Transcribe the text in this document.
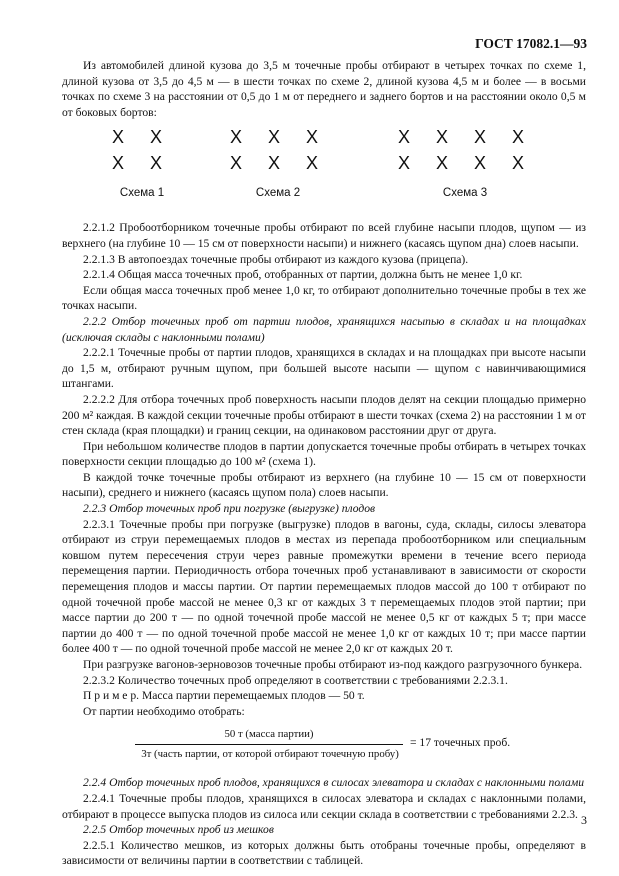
ГОСТ 17082.1—93

Из автомобилей длиной кузова до 3,5 м точечные пробы отбирают в четырех точках по схеме 1, длиной кузова от 3,5 до 4,5 м — в шести точках по схеме 2, длиной кузова 4,5 м и более — в восьми точках по схеме 3 на расстоянии от 0,5 до 1 м от переднего и заднего бортов и на расстоянии около 0,5 м от боковых бортов:

X	X
X	X
Схема 1
X	X	X
X	X	X
Схема 2
X	X	X	X
X	X	X	X
Схема 3

2.2.1.2 Пробоотборником точечные пробы отбирают по всей глубине насыпи плодов, щупом — из верхнего (на глубине 10 — 15 см от поверхности насыпи) и нижнего (касаясь щупом дна) слоев насыпи.

2.2.1.3 В автопоездах точечные пробы отбирают из каждого кузова (прицепа).

2.2.1.4 Общая масса точечных проб, отобранных от партии, должна быть не менее 1,0 кг.

Если общая масса точечных проб менее 1,0 кг, то отбирают дополнительно точечные пробы в тех же точках насыпи.

2.2.2 Отбор точечных проб от партии плодов, хранящихся насыпью в складах и на площадках (исключая склады с наклонными полами)

2.2.2.1 Точечные пробы от партии плодов, хранящихся в складах и на площадках при высоте насыпи до 1,5 м, отбирают ручным щупом, при большей высоте насыпи — щупом с навинчивающимися штангами.

2.2.2.2 Для отбора точечных проб поверхность насыпи плодов делят на секции площадью примерно 200 м² каждая. В каждой секции точечные пробы отбирают в шести точках (схема 2) на расстоянии 1 м от стен склада (края площадки) и границ секции, на одинаковом расстоянии друг от друга.

При небольшом количестве плодов в партии допускается точечные пробы отбирать в четырех точках поверхности секции площадью до 100 м² (схема 1).

В каждой точке точечные пробы отбирают из верхнего (на глубине 10 — 15 см от поверхности насыпи), среднего и нижнего (касаясь щупом пола) слоев насыпи.

2.2.3 Отбор точечных проб при погрузке (выгрузке) плодов

2.2.3.1 Точечные пробы при погрузке (выгрузке) плодов в вагоны, суда, склады, силосы элеватора отбирают из струи перемещаемых плодов в местах из перепада пробоотборником или специальным ковшом путем пересечения струи через равные промежутки времени в течение всего периода перемещения партии. Периодичность отбора точечных проб устанавливают в зависимости от скорости перемещения плодов и массы партии. От партии перемещаемых плодов массой до 100 т отбирают по одной точечной пробе массой не менее 0,3 кг от каждых 3 т перемещаемых плодов этой партии; при массе партии до 200 т — по одной точечной пробе массой не менее 0,5 кг от каждых 5 т; при массе партии до 400 т — по одной точечной пробе массой не менее 1,0 кг от каждых 10 т; при массе партии более 400 т — по одной точечной пробе массой не менее 2,0 кг от каждых 20 т.

При разгрузке вагонов-зерновозов точечные пробы отбирают из-под каждого разгрузочного бункера.

2.2.3.2 Количество точечных проб определяют в соответствии с требованиями 2.2.3.1.

П р и м е р. Масса партии перемещаемых плодов — 50 т.

От партии необходимо отобрать:

50 т (масса партии)
3т (часть партии, от которой отбирают точечную пробу)
= 17 точечных проб.

2.2.4 Отбор точечных проб плодов, хранящихся в силосах элеватора и складах с наклонными полами

2.2.4.1 Точечные пробы плодов, хранящихся в силосах элеватора и складах с наклонными полами, отбирают в процессе выпуска плодов из силоса или секции склада в соответствии с требованиями 2.2.3.

2.2.5 Отбор точечных проб из мешков

2.2.5.1 Количество мешков, из которых должны быть отобраны точечные пробы, определяют в зависимости от величины партии в соответствии с таблицей.

3
